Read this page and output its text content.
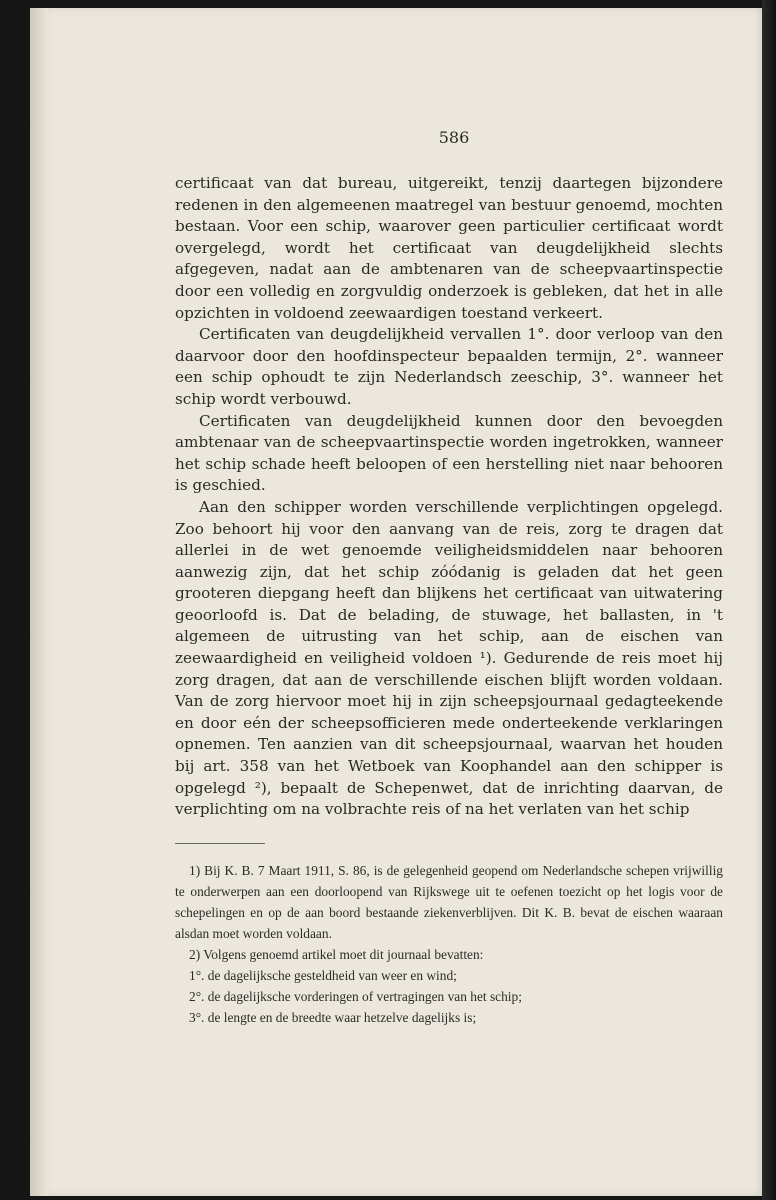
586

certificaat van dat bureau, uitgereikt, tenzij daartegen bijzondere redenen in den algemeenen maatregel van bestuur genoemd, mochten bestaan. Voor een schip, waarover geen particulier certificaat wordt overgelegd, wordt het certificaat van deugdelijkheid slechts afgegeven, nadat aan de ambtenaren van de scheepvaartinspectie door een volledig en zorgvuldig onderzoek is gebleken, dat het in alle opzichten in voldoend zeewaardigen toestand verkeert.

Certificaten van deugdelijkheid vervallen 1°. door verloop van den daarvoor door den hoofdinspecteur bepaalden termijn, 2°. wanneer een schip ophoudt te zijn Nederlandsch zeeschip, 3°. wanneer het schip wordt verbouwd.

Certificaten van deugdelijkheid kunnen door den bevoegden ambtenaar van de scheepvaartinspectie worden ingetrokken, wanneer het schip schade heeft beloopen of een herstelling niet naar behooren is geschied.

Aan den schipper worden verschillende verplichtingen opgelegd. Zoo behoort hij voor den aanvang van de reis, zorg te dragen dat allerlei in de wet genoemde veiligheidsmiddelen naar behooren aanwezig zijn, dat het schip zóódanig is geladen dat het geen grooteren diepgang heeft dan blijkens het certificaat van uitwatering geoorloofd is. Dat de belading, de stuwage, het ballasten, in 't algemeen de uitrusting van het schip, aan de eischen van zeewaardigheid en veiligheid voldoen ¹). Gedurende de reis moet hij zorg dragen, dat aan de verschillende eischen blijft worden voldaan. Van de zorg hiervoor moet hij in zijn scheepsjournaal gedagteekende en door eén der scheepsofficieren mede onderteekende verklaringen opnemen. Ten aanzien van dit scheepsjournaal, waarvan het houden bij art. 358 van het Wetboek van Koophandel aan den schipper is opgelegd ²), bepaalt de Schepenwet, dat de inrichting daarvan, de verplichting om na volbrachte reis of na het verlaten van het schip

1) Bij K. B. 7 Maart 1911, S. 86, is de gelegenheid geopend om Nederlandsche schepen vrijwillig te onderwerpen aan een doorloopend van Rijkswege uit te oefenen toezicht op het logis voor de schepelingen en op de aan boord bestaande ziekenverblijven. Dit K. B. bevat de eischen waaraan alsdan moet worden voldaan.

2) Volgens genoemd artikel moet dit journaal bevatten:

1°. de dagelijksche gesteldheid van weer en wind;

2°. de dagelijksche vorderingen of vertragingen van het schip;

3°. de lengte en de breedte waar hetzelve dagelijks is;
